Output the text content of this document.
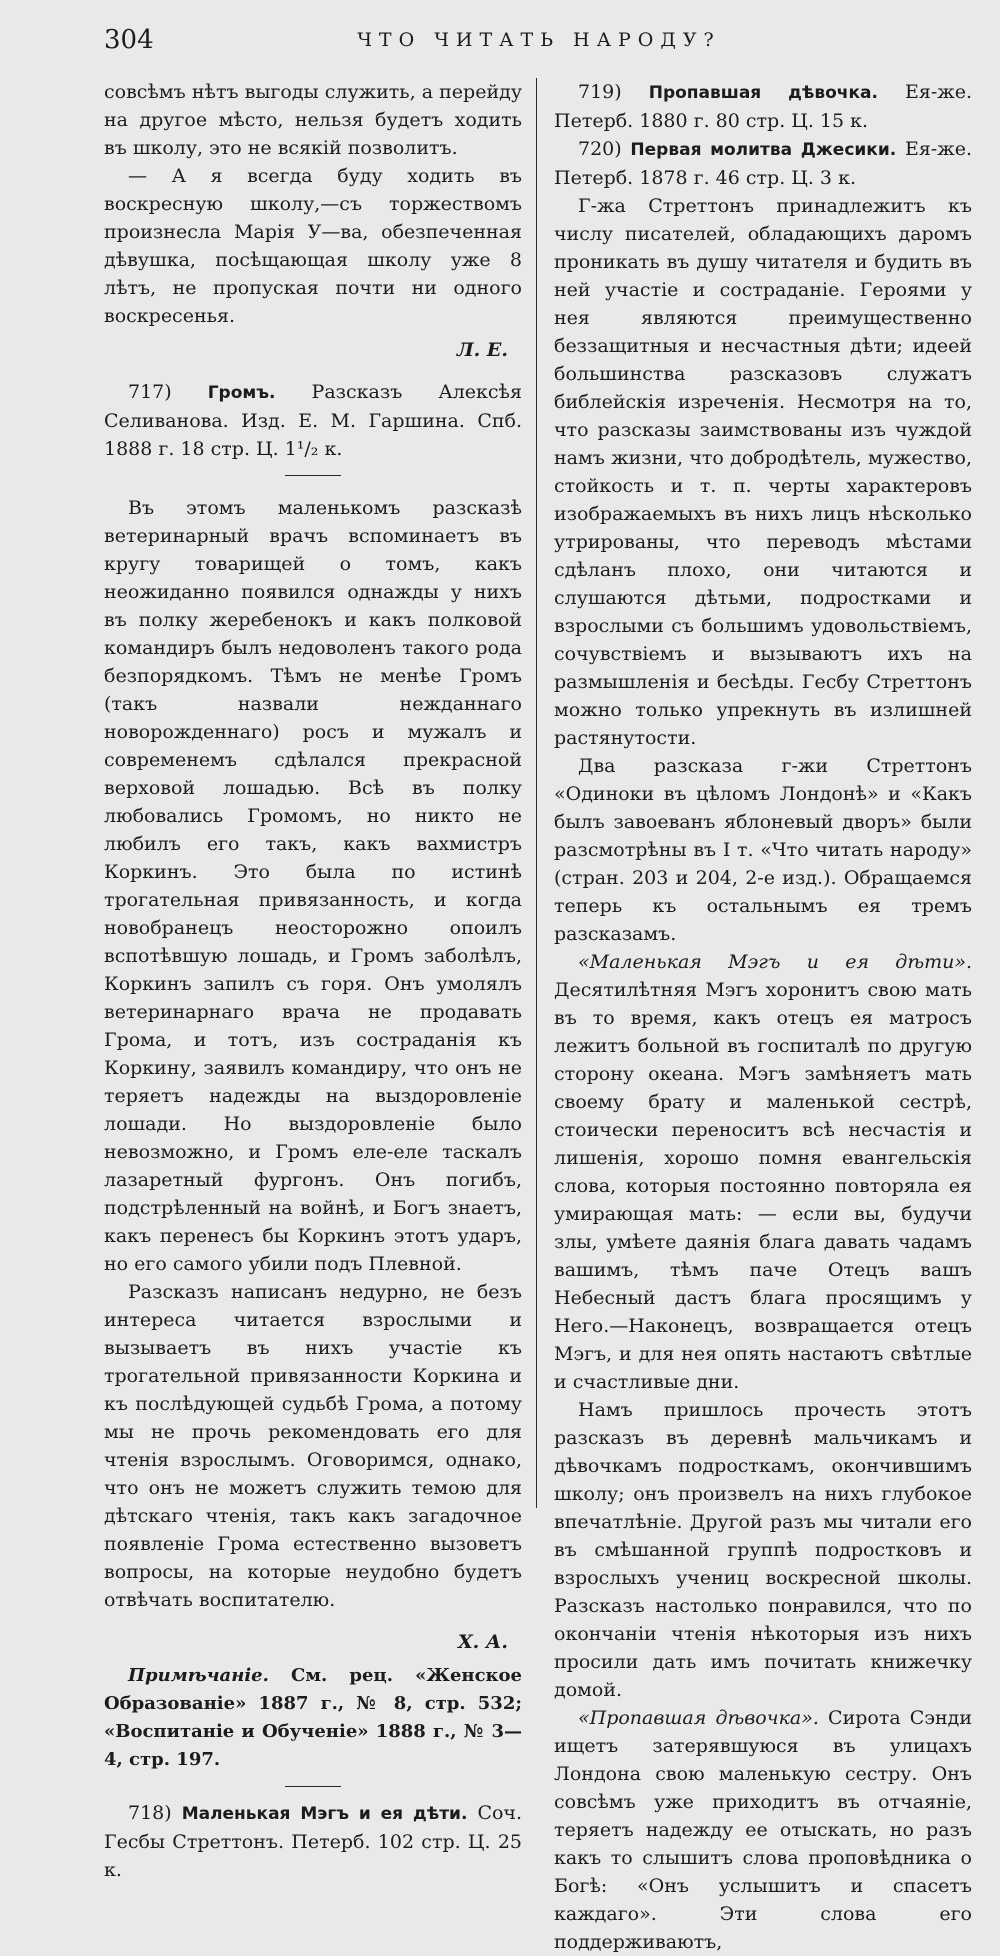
304	ЧТО ЧИТАТЬ НАРОДУ?

совсѣмъ нѣтъ выгоды служить, а перейду на другое мѣсто, нельзя будетъ ходить въ школу, это не всякій позволитъ.

— А я всегда буду ходить въ воскресную школу,—съ торжествомъ произнесла Марія У—ва, обезпеченная дѣвушка, посѣщающая школу уже 8 лѣтъ, не пропуская почти ни одного воскресенья.

Л. Е.

717) Громъ. Разсказъ Алексѣя Селиванова. Изд. Е. М. Гаршина. Спб. 1888 г. 18 стр. Ц. 1¹/₂ к.

Въ этомъ маленькомъ разсказѣ ветеринарный врачъ вспоминаетъ въ кругу товарищей о томъ, какъ неожиданно появился однажды у нихъ въ полку жеребенокъ и какъ полковой командиръ былъ недоволенъ такого рода безпорядкомъ. Тѣмъ не менѣе Громъ (такъ назвали нежданнаго новорожденнаго) росъ и мужалъ и современемъ сдѣлался прекрасной верховой лошадью. Всѣ въ полку любовались Громомъ, но никто не любилъ его такъ, какъ вахмистръ Коркинъ. Это была по истинѣ трогательная привязанность, и когда новобранецъ неосторожно опоилъ вспотѣвшую лошадь, и Громъ заболѣлъ, Коркинъ запилъ съ горя. Онъ умолялъ ветеринарнаго врача не продавать Грома, и тотъ, изъ состраданія къ Коркину, заявилъ командиру, что онъ не теряетъ надежды на выздоровленіе лошади. Но выздоровленіе было невозможно, и Громъ еле-еле таскалъ лазаретный фургонъ. Онъ погибъ, подстрѣленный на войнѣ, и Богъ знаетъ, какъ перенесъ бы Коркинъ этотъ ударъ, но его самого убили подъ Плевной.

Разсказъ написанъ недурно, не безъ интереса читается взрослыми и вызываетъ въ нихъ участіе къ трогательной привязанности Коркина и къ послѣдующей судьбѣ Грома, а потому мы не прочь рекомендовать его для чтенія взрослымъ. Оговоримся, однако, что онъ не можетъ служить темою для дѣтскаго чтенія, такъ какъ загадочное появленіе Грома естественно вызоветъ вопросы, на которые неудобно будетъ отвѣчать воспитателю.

Х. А.

Примѣчаніе. См. рец. «Женское Образованіе» 1887 г., № 8, стр. 532; «Воспитаніе и Обученіе» 1888 г., № 3—4, стр. 197.

718) Маленькая Мэгъ и ея дѣти. Соч. Гесбы Стреттонъ. Петерб. 102 стр. Ц. 25 к.

719) Пропавшая дѣвочка. Ея-же. Петерб. 1880 г. 80 стр. Ц. 15 к.

720) Первая молитва Джесики. Ея-же. Петерб. 1878 г. 46 стр. Ц. 3 к.

Г-жа Стреттонъ принадлежитъ къ числу писателей, обладающихъ даромъ проникать въ душу читателя и будить въ ней участіе и состраданіе. Героями у нея являются преимущественно беззащитныя и несчастныя дѣти; идеей большинства разсказовъ служатъ библейскія изреченія. Несмотря на то, что разсказы заимствованы изъ чуждой намъ жизни, что добродѣтель, мужество, стойкость и т. п. черты характеровъ изображаемыхъ въ нихъ лицъ нѣсколько утрированы, что переводъ мѣстами сдѣланъ плохо, они читаются и слушаются дѣтьми, подростками и взрослыми съ большимъ удовольствіемъ, сочувствіемъ и вызываютъ ихъ на размышленія и бесѣды. Гесбу Стреттонъ можно только упрекнуть въ излишней растянутости.

Два разсказа г-жи Стреттонъ «Одиноки въ цѣломъ Лондонѣ» и «Какъ былъ завоеванъ яблоневый дворъ» были разсмотрѣны въ I т. «Что читать народу» (стран. 203 и 204, 2-е изд.). Обращаемся теперь къ остальнымъ ея тремъ разсказамъ.

«Маленькая Мэгъ и ея дѣти». Десятилѣтняя Мэгъ хоронитъ свою мать въ то время, какъ отецъ ея матросъ лежитъ больной въ госпиталѣ по другую сторону океана. Мэгъ замѣняетъ мать своему брату и маленькой сестрѣ, стоически переноситъ всѣ несчастія и лишенія, хорошо помня евангельскія слова, которыя постоянно повторяла ея умирающая мать: — если вы, будучи злы, умѣете даянія блага давать чадамъ вашимъ, тѣмъ паче Отецъ вашъ Небесный дастъ блага просящимъ у Него.—Наконецъ, возвращается отецъ Мэгъ, и для нея опять настаютъ свѣтлые и счастливые дни.

Намъ пришлось прочесть этотъ разсказъ въ деревнѣ мальчикамъ и дѣвочкамъ подросткамъ, окончившимъ школу; онъ произвелъ на нихъ глубокое впечатлѣніе. Другой разъ мы читали его въ смѣшанной группѣ подростковъ и взрослыхъ учениц воскресной школы. Разсказъ настолько понравился, что по окончаніи чтенія нѣкоторыя изъ нихъ просили дать имъ почитать книжечку домой.

«Пропавшая дѣвочка». Сирота Сэнди ищетъ затерявшуюся въ улицахъ Лондона свою маленькую сестру. Онъ совсѣмъ уже приходитъ въ отчаяніе, теряетъ надежду ее отыскать, но разъ какъ то слышитъ слова проповѣдника о Богѣ: «Онъ услышитъ и спасетъ каждаго». Эти слова его поддерживаютъ,
